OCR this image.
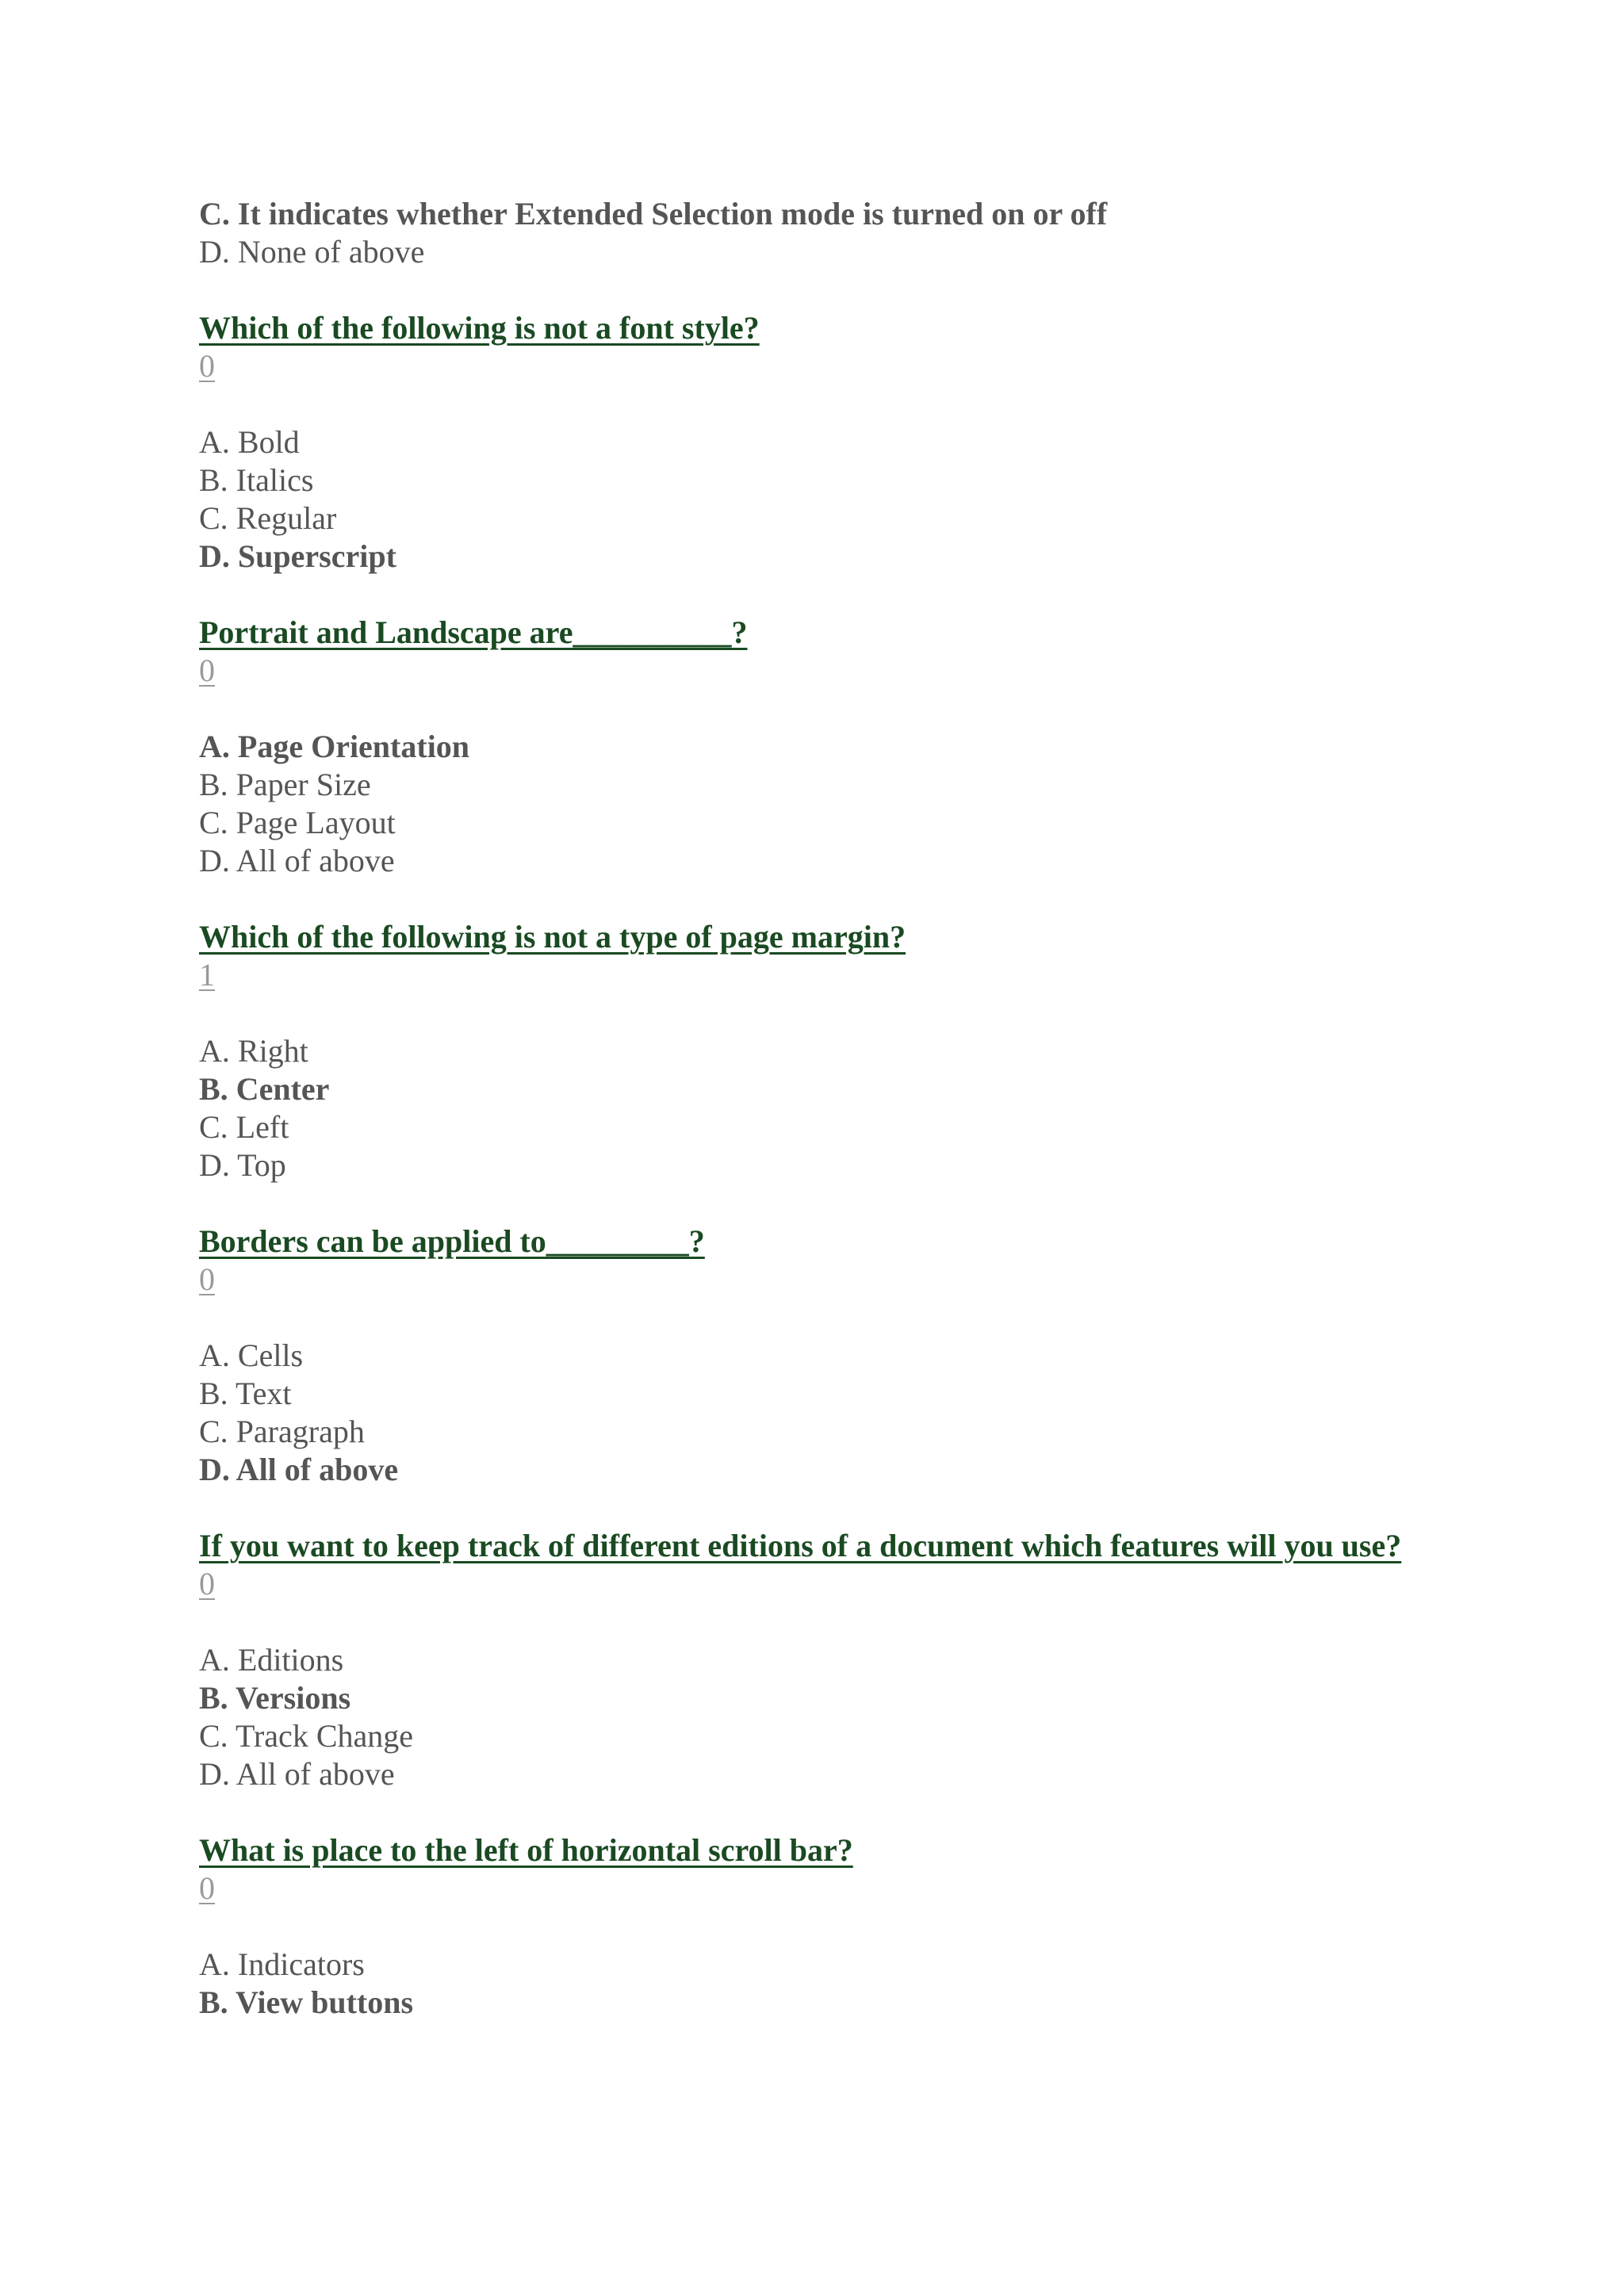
C. It indicates whether Extended Selection mode is turned on or off
D. None of above
Which of the following is not a font style?
0
A. Bold
B. Italics
C. Regular
D. Superscript
Portrait and Landscape are__________?
0
A. Page Orientation
B. Paper Size
C. Page Layout
D. All of above
Which of the following is not a type of page margin?
1
A. Right
B. Center
C. Left
D. Top
Borders can be applied to_________?
0
A. Cells
B. Text
C. Paragraph
D. All of above
If you want to keep track of different editions of a document which features will you use?
0
A. Editions
B. Versions
C. Track Change
D. All of above
What is place to the left of horizontal scroll bar?
0
A. Indicators
B. View buttons
